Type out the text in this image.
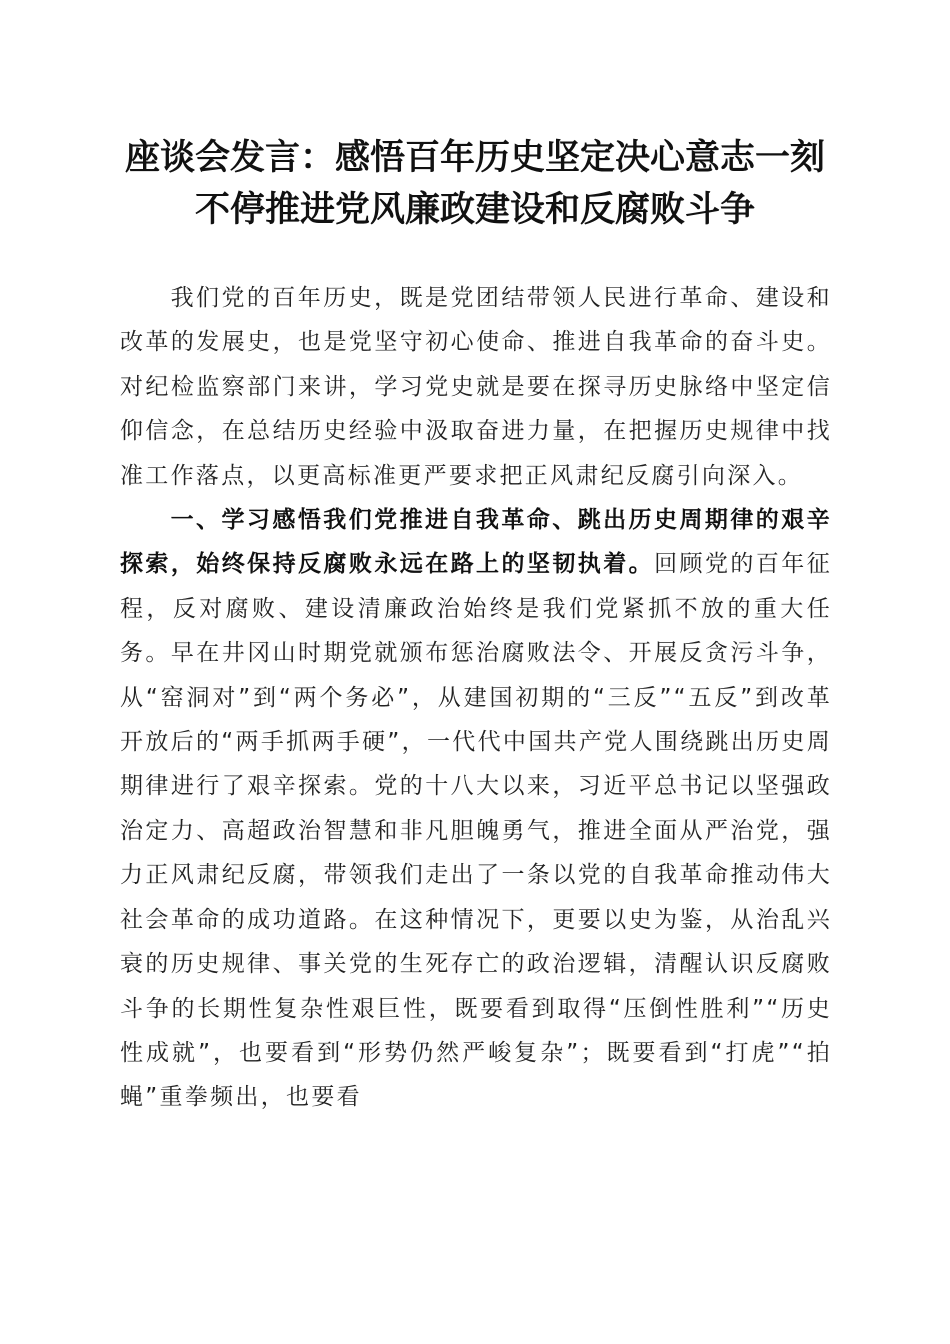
座谈会发言：感悟百年历史坚定决心意志一刻
不停推进党风廉政建设和反腐败斗争

我们党的百年历史，既是党团结带领人民进行革命、建设和改革的发展史，也是党坚守初心使命、推进自我革命的奋斗史。对纪检监察部门来讲，学习党史就是要在探寻历史脉络中坚定信仰信念，在总结历史经验中汲取奋进力量，在把握历史规律中找准工作落点，以更高标准更严要求把正风肃纪反腐引向深入。

一、学习感悟我们党推进自我革命、跳出历史周期律的艰辛探索，始终保持反腐败永远在路上的坚韧执着。回顾党的百年征程，反对腐败、建设清廉政治始终是我们党紧抓不放的重大任务。早在井冈山时期党就颁布惩治腐败法令、开展反贪污斗争，从“窑洞对”到“两个务必”，从建国初期的“三反”“五反”到改革开放后的“两手抓两手硬”，一代代中国共产党人围绕跳出历史周期律进行了艰辛探索。党的十八大以来，习近平总书记以坚强政治定力、高超政治智慧和非凡胆魄勇气，推进全面从严治党，强力正风肃纪反腐，带领我们走出了一条以党的自我革命推动伟大社会革命的成功道路。在这种情况下，更要以史为鉴，从治乱兴衰的历史规律、事关党的生死存亡的政治逻辑，清醒认识反腐败斗争的长期性复杂性艰巨性，既要看到取得“压倒性胜利”“历史性成就”，也要看到“形势仍然严峻复杂”；既要看到“打虎”“拍蝇”重拳频出，也要看
